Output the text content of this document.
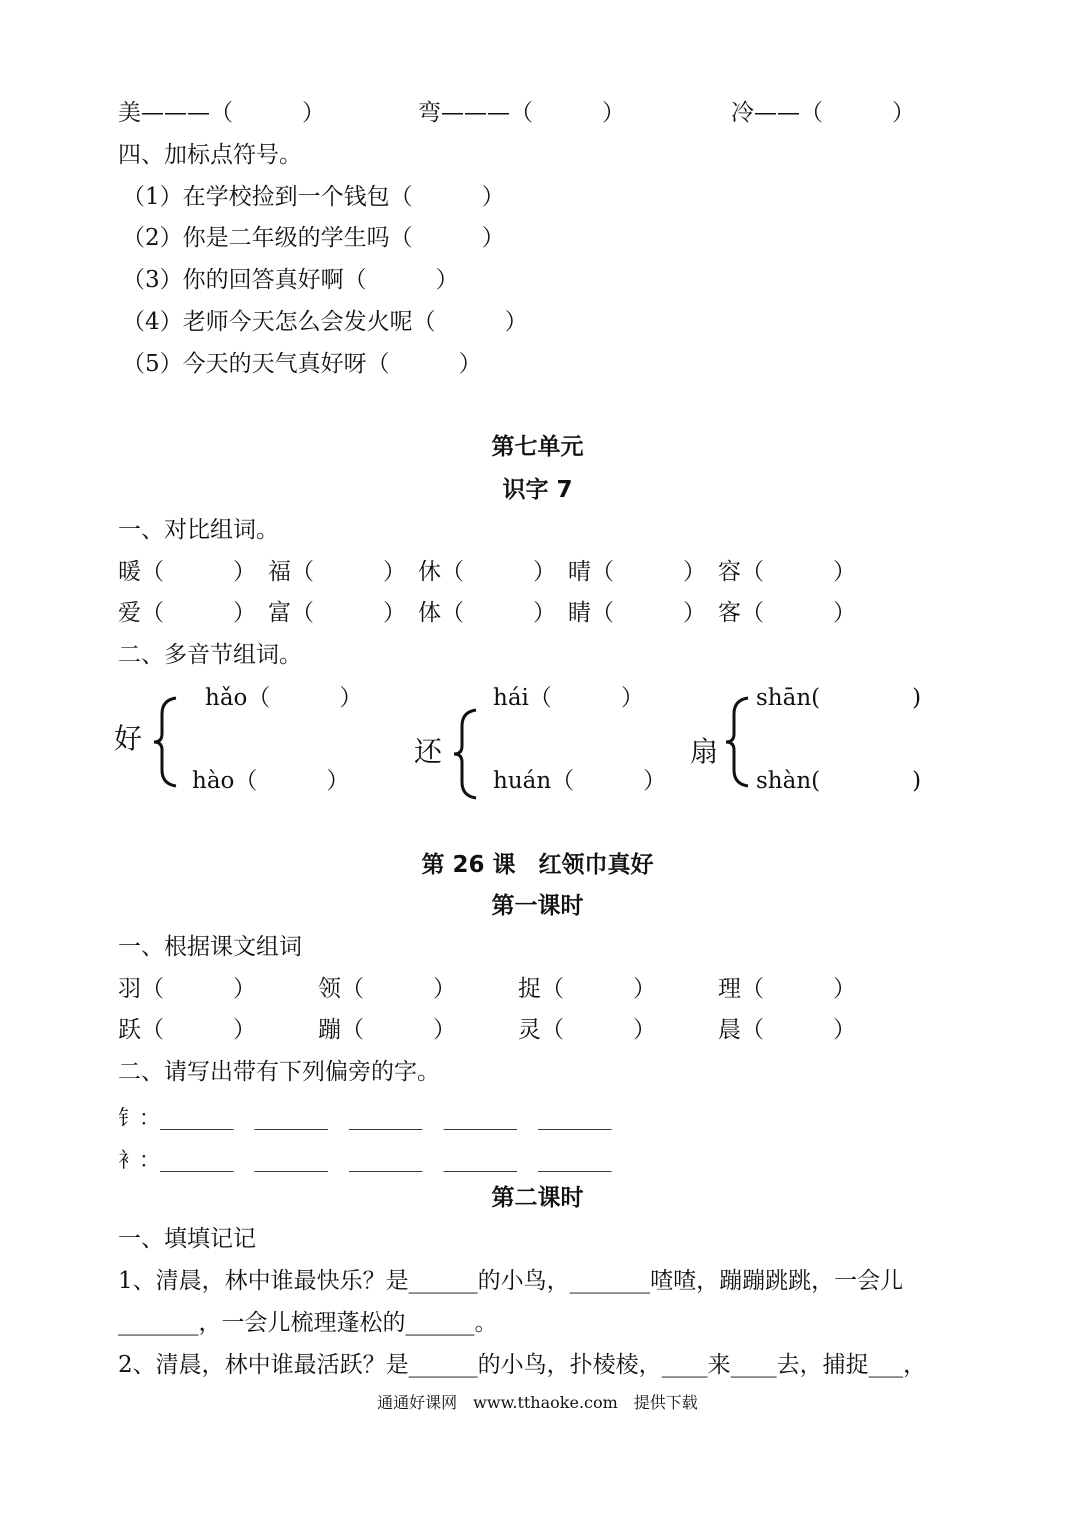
美———（　　　）	弯———（　　　）	冷——（　　　）
四、加标点符号。
（1）在学校捡到一个钱包（　　　）
（2）你是二年级的学生吗（　　　）
（3）你的回答真好啊（　　　）
（4）老师今天怎么会发火呢（　　　）
（5）今天的天气真好呀（　　　）
第七单元
识字 7
一、对比组词。
暖（　　　） 福（　　　） 休（　　　） 晴（　　　） 容（　　　）
爱（　　　） 富（　　　） 体（　　　） 睛（　　　） 客（　　　）
二、多音节组词。
好
hǎo（　　　）
hào（　　　）
还
hái（　　　）
huán（　　　）
扇
shān(　　　　)
shàn(　　　　)
第 26 课　红领巾真好
第一课时
一、根据课文组词
羽（　　　）	领（　　　）	捉（　　　）	理（　　　）
跃（　　　）	蹦（　　　）	灵（　　　）	晨（　　　）
二、请写出带有下列偏旁的字。
钅：_______　_______　_______　_______　_______
衤：_______　_______　_______　_______　_______
第二课时
一、填填记记
1、清晨，林中谁最快乐？是______的小鸟，_______喳喳，蹦蹦跳跳，一会儿
_______，一会儿梳理蓬松的______。
2、清晨，林中谁最活跃？是______的小鸟，扑棱棱，____来____去，捕捉___，
通通好课网　www.tthaoke.com　提供下载
